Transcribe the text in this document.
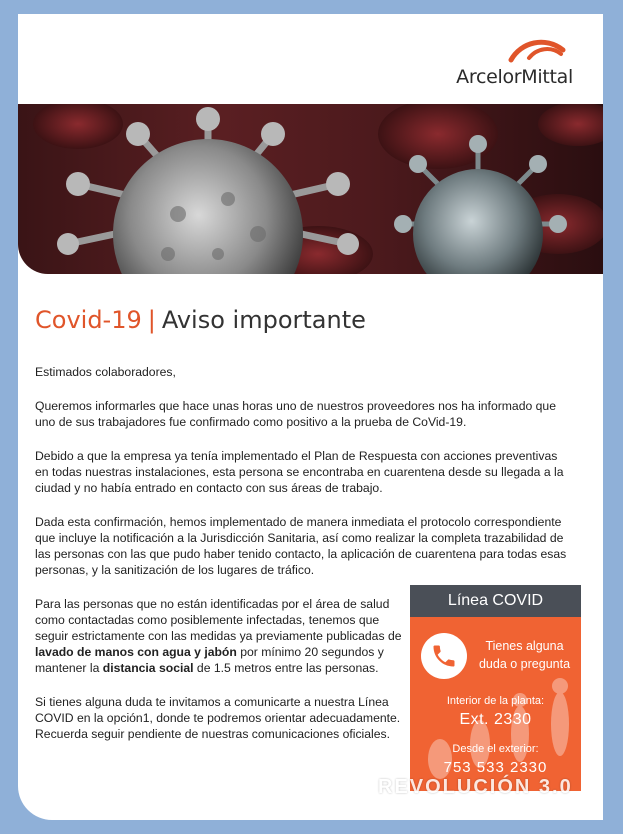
ArcelorMittal
Covid-19 | Aviso importante

Estimados colaboradores,

Queremos informarles que hace unas horas uno de nuestros proveedores nos ha informado que uno de sus trabajadores fue confirmado como positivo a la prueba de CoVid-19.

Debido a que la empresa ya tenía implementado el Plan de Respuesta con acciones preventivas en todas nuestras instalaciones, esta persona se encontraba en cuarentena desde su llegada a la ciudad y no había entrado en contacto con sus áreas de trabajo.

Dada esta confirmación, hemos implementado de manera inmediata el protocolo correspondiente que incluye la notificación a la Jurisdicción Sanitaria, así como realizar la completa trazabilidad de las personas con las que pudo haber tenido contacto, la aplicación de cuarentena para todas esas personas, y la sanitización de los lugares de tráfico.

Para las personas que no están identificadas por el área de salud como contactadas como posiblemente infectadas, tenemos que seguir estrictamente con las medidas ya previamente publicadas de lavado de manos con agua y jabón por mínimo 20 segundos y mantener la distancia social de 1.5 metros entre las personas.

Si tienes alguna duda te invitamos a comunicarte a nuestra Línea COVID en la opción1, donde te podremos orientar adecuadamente. Recuerda seguir pendiente de nuestras comunicaciones oficiales.

Línea COVID
Tienes alguna duda o pregunta
Interior de la planta:
Ext. 2330
Desde el exterior:
753 533 2330
REVOLUCIÓN 3.0
